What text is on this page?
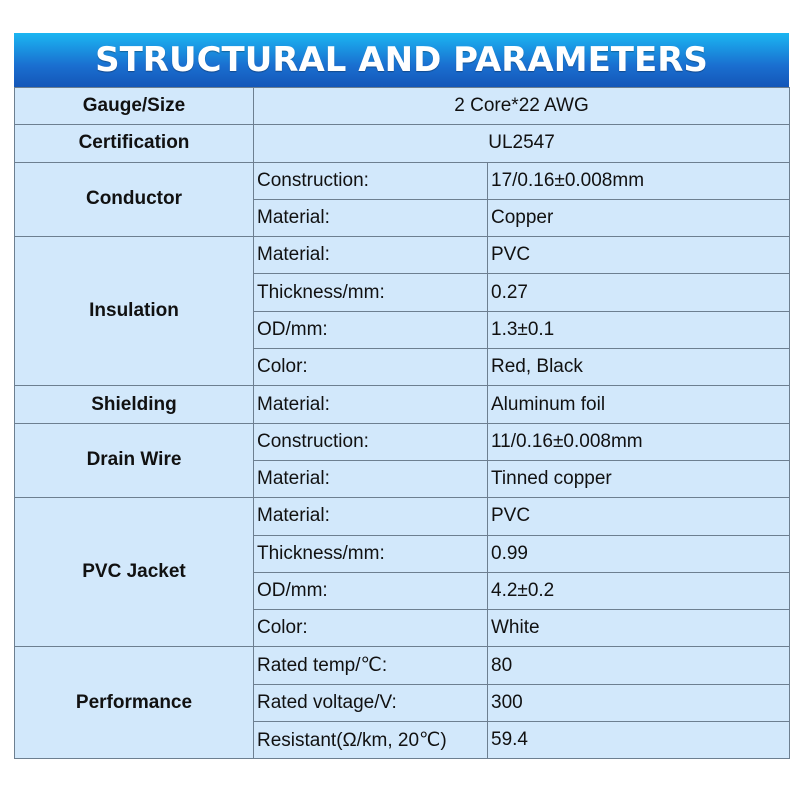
STRUCTURAL AND PARAMETERS
Gauge/Size	2 Core*22 AWG	
Certification	UL2547	
Conductor	Construction:	17/0.16±0.008mm
	Material:	Copper
Insulation	Material:	PVC
	Thickness/mm:	0.27
	OD/mm:	1.3±0.1
	Color:	Red, Black
Shielding	Material:	Aluminum foil
Drain Wire	Construction:	11/0.16±0.008mm
	Material:	Tinned copper
PVC Jacket	Material:	PVC
	Thickness/mm:	0.99
	OD/mm:	4.2±0.2
	Color:	White
Performance	Rated temp/℃:	80
	Rated voltage/V:	300
	Resistant(Ω/km, 20℃)	59.4
